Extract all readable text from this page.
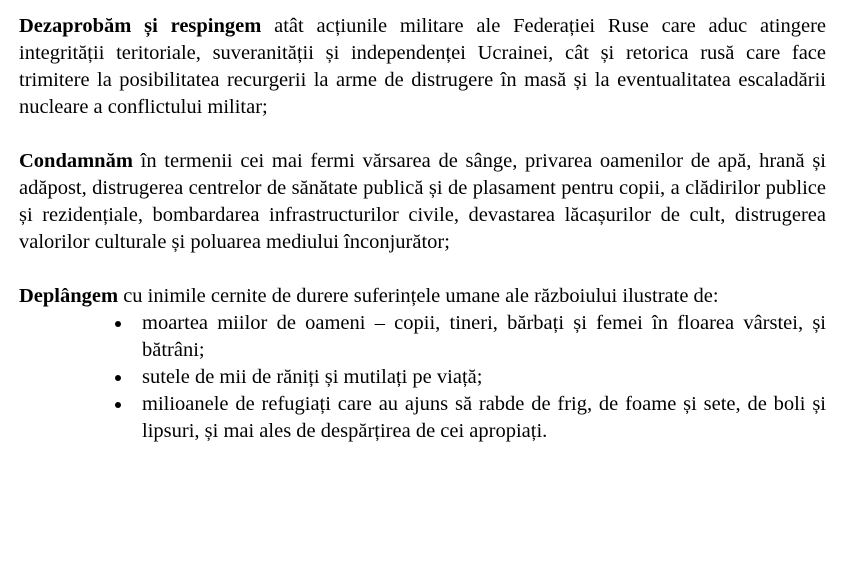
Dezaprobăm și respingem atât acțiunile militare ale Federației Ruse care aduc atingere integrității teritoriale, suveranității și independenței Ucrainei, cât și retorica rusă care face trimitere la posibilitatea recurgerii la arme de distrugere în masă și la eventualitatea escaladării nucleare a conflictului militar;

Condamnăm în termenii cei mai fermi vărsarea de sânge, privarea oamenilor de apă, hrană și adăpost, distrugerea centrelor de sănătate publică și de plasament pentru copii, a clădirilor publice și rezidențiale, bombardarea infrastructurilor civile, devastarea lăcașurilor de cult, distrugerea valorilor culturale și poluarea mediului înconjurător;

Deplângem cu inimile cernite de durere suferințele umane ale războiului ilustrate de:
moartea miilor de oameni – copii, tineri, bărbați și femei în floarea vârstei, și bătrâni;
sutele de mii de răniți și mutilați pe viață;
milioanele de refugiați care au ajuns să rabde de frig, de foame și sete, de boli și lipsuri, și mai ales de despărțirea de cei apropiați.
